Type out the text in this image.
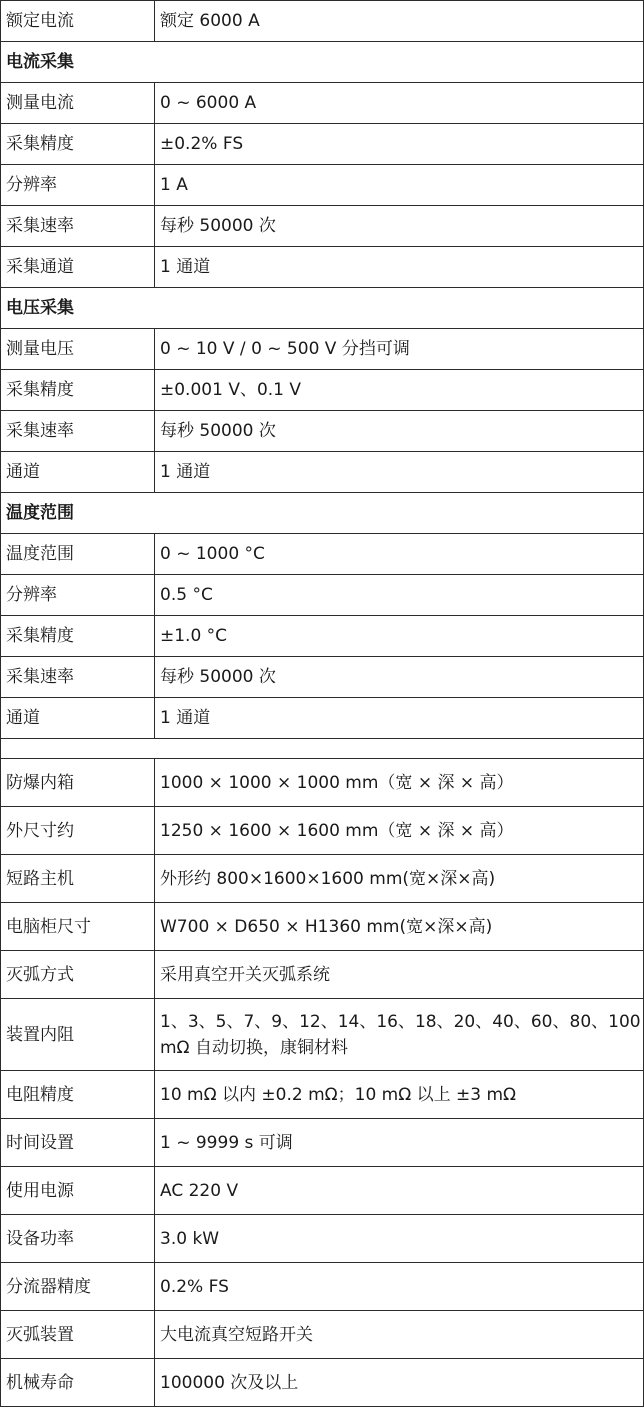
额定电流	额定 6000 A
电流采集	
测量电流	0 ~ 6000 A
采集精度	±0.2% FS
分辨率	1 A
采集速率	每秒 50000 次
采集通道	1 通道
电压采集	
测量电压	0 ~ 10 V / 0 ~ 500 V 分挡可调
采集精度	±0.001 V、0.1 V
采集速率	每秒 50000 次
通道	1 通道
温度范围	
温度范围	0 ~ 1000 °C
分辨率	0.5 °C
采集精度	±1.0 °C
采集速率	每秒 50000 次
通道	1 通道

防爆内箱	1000 × 1000 × 1000 mm（宽 × 深 × 高）
外尺寸约	1250 × 1600 × 1600 mm（宽 × 深 × 高）
短路主机	外形约 800×1600×1600 mm(宽×深×高)
电脑柜尺寸	W700 × D650 × H1360 mm(宽×深×高)
灭弧方式	采用真空开关灭弧系统
装置内阻	1、3、5、7、9、12、14、16、18、20、40、60、80、100 mΩ 自动切换，康铜材料
电阻精度	10 mΩ 以内 ±0.2 mΩ；10 mΩ 以上 ±3 mΩ
时间设置	1 ~ 9999 s 可调
使用电源	AC 220 V
设备功率	3.0 kW
分流器精度	0.2% FS
灭弧装置	大电流真空短路开关
机械寿命	100000 次及以上
